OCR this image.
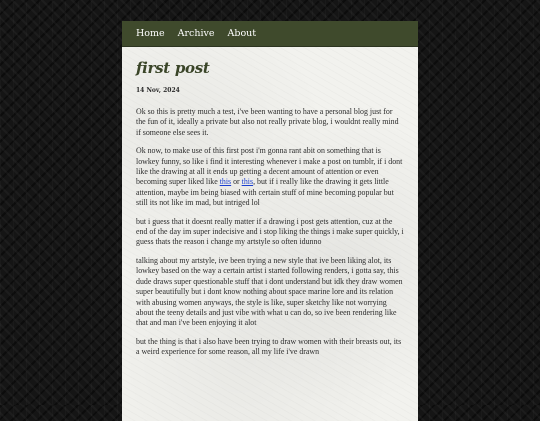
Home Archive About
first post
14 Nov, 2024

Ok so this is pretty much a test, i've been wanting to have a personal blog just for the fun of it, ideally a private but also not really private blog, i wouldnt really mind if someone else sees it.

Ok now, to make use of this first post i'm gonna rant abit on something that is lowkey funny, so like i find it interesting whenever i make a post on tumblr, if i dont like the drawing at all it ends up getting a decent amount of attention or even becoming super liked like this or this, but if i really like the drawing it gets little attention, maybe im being biased with certain stuff of mine becoming popular but still its not like im mad, but intriged lol

but i guess that it doesnt really matter if a drawing i post gets attention, cuz at the end of the day im super indecisive and i stop liking the things i make super quickly, i guess thats the reason i change my artstyle so often idunno

talking about my artstyle, ive been trying a new style that ive been liking alot, its lowkey based on the way a certain artist i started following renders, i gotta say, this dude draws super questionable stuff that i dont understand but idk they draw women super beautifully but i dont know nothing about space marine lore and its relation with abusing women anyways, the style is like, super sketchy like not worrying about the teeny details and just vibe with what u can do, so ive been rendering like that and man i've been enjoying it alot

but the thing is that i also have been trying to draw women with their breasts out, its a weird experience for some reason, all my life i've drawn
